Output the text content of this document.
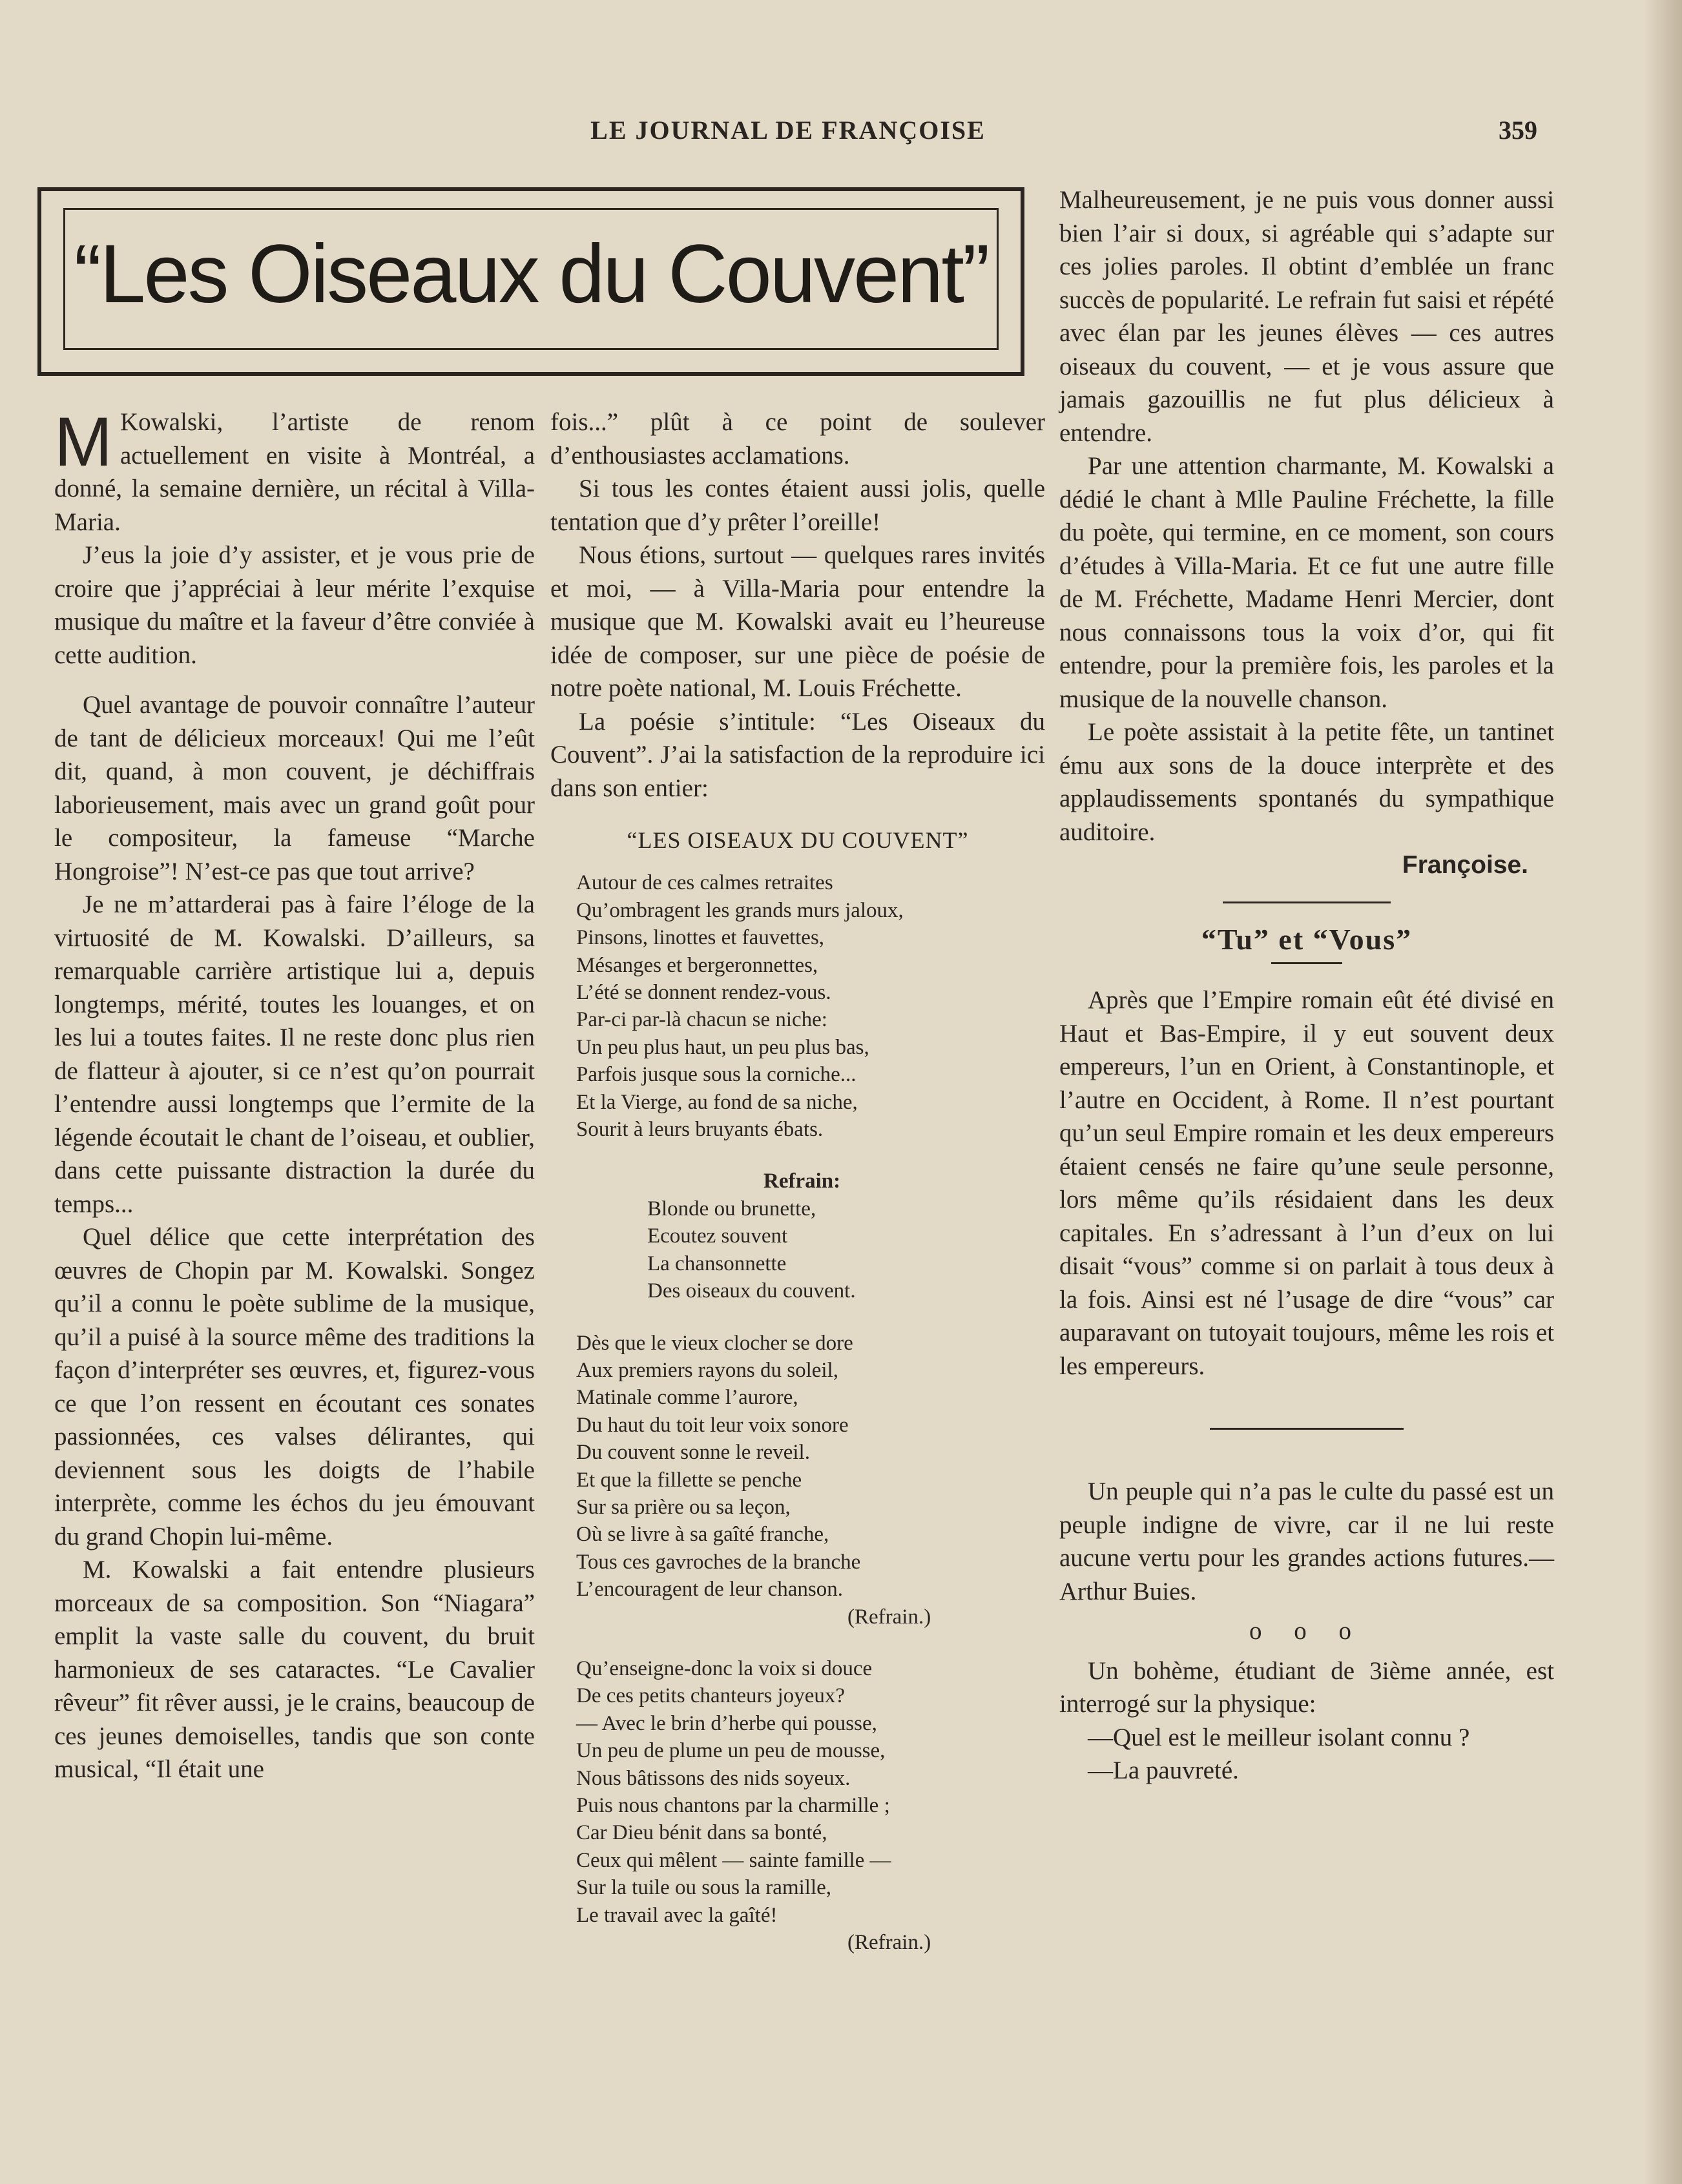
LE JOURNAL DE FRANÇOISE	359
“Les Oiseaux du Couvent”

M Kowalski, l’artiste de renom actuellement en visite à Montréal, a donné, la semaine dernière, un récital à Villa-Maria.

J’eus la joie d’y assister, et je vous prie de croire que j’appréciai à leur mérite l’exquise musique du maître et la faveur d’être conviée à cette audition.

Quel avantage de pouvoir connaître l’auteur de tant de délicieux morceaux! Qui me l’eût dit, quand, à mon couvent, je déchiffrais laborieusement, mais avec un grand goût pour le compositeur, la fameuse “Marche Hongroise”! N’est-ce pas que tout arrive?

Je ne m’attarderai pas à faire l’éloge de la virtuosité de M. Kowalski. D’ailleurs, sa remarquable carrière artistique lui a, depuis longtemps, mérité, toutes les louanges, et on les lui a toutes faites. Il ne reste donc plus rien de flatteur à ajouter, si ce n’est qu’on pourrait l’entendre aussi longtemps que l’ermite de la légende écoutait le chant de l’oiseau, et oublier, dans cette puissante distraction la durée du temps...

Quel délice que cette interprétation des œuvres de Chopin par M. Kowalski. Songez qu’il a connu le poète sublime de la musique, qu’il a puisé à la source même des traditions la façon d’interpréter ses œuvres, et, figurez-vous ce que l’on ressent en écoutant ces sonates passionnées, ces valses délirantes, qui deviennent sous les doigts de l’habile interprète, comme les échos du jeu émouvant du grand Chopin lui-même.

M. Kowalski a fait entendre plusieurs morceaux de sa composition. Son “Niagara” emplit la vaste salle du couvent, du bruit harmonieux de ses cataractes. “Le Cavalier rêveur” fit rêver aussi, je le crains, beaucoup de ces jeunes demoiselles, tandis que son conte musical, “Il était une

fois...” plût à ce point de soulever d’enthousiastes acclamations.

Si tous les contes étaient aussi jolis, quelle tentation que d’y prêter l’oreille!

Nous étions, surtout — quelques rares invités et moi, — à Villa-Maria pour entendre la musique que M. Kowalski avait eu l’heureuse idée de composer, sur une pièce de poésie de notre poète national, M. Louis Fréchette.

La poésie s’intitule: “Les Oiseaux du Couvent”. J’ai la satisfaction de la reproduire ici dans son entier:

“LES OISEAUX DU COUVENT”
Autour de ces calmes retraites
Qu’ombragent les grands murs jaloux,
Pinsons, linottes et fauvettes,
Mésanges et bergeronnettes,
L’été se donnent rendez-vous.
Par-ci par-là chacun se niche:
Un peu plus haut, un peu plus bas,
Parfois jusque sous la corniche...
Et la Vierge, au fond de sa niche,
Sourit à leurs bruyants ébats.
Refrain:
Blonde ou brunette,
Ecoutez souvent
La chansonnette
Des oiseaux du couvent.
Dès que le vieux clocher se dore
Aux premiers rayons du soleil,
Matinale comme l’aurore,
Du haut du toit leur voix sonore
Du couvent sonne le reveil.
Et que la fillette se penche
Sur sa prière ou sa leçon,
Où se livre à sa gaîté franche,
Tous ces gavroches de la branche
L’encouragent de leur chanson.
(Refrain.)
Qu’enseigne-donc la voix si douce
De ces petits chanteurs joyeux?
— Avec le brin d’herbe qui pousse,
Un peu de plume un peu de mousse,
Nous bâtissons des nids soyeux.
Puis nous chantons par la charmille ;
Car Dieu bénit dans sa bonté,
Ceux qui mêlent — sainte famille —
Sur la tuile ou sous la ramille,
Le travail avec la gaîté!
(Refrain.)

Malheureusement, je ne puis vous donner aussi bien l’air si doux, si agréable qui s’adapte sur ces jolies paroles. Il obtint d’emblée un franc succès de popularité. Le refrain fut saisi et répété avec élan par les jeunes élèves — ces autres oiseaux du couvent, — et je vous assure que jamais gazouillis ne fut plus délicieux à entendre.

Par une attention charmante, M. Kowalski a dédié le chant à Mlle Pauline Fréchette, la fille du poète, qui termine, en ce moment, son cours d’études à Villa-Maria. Et ce fut une autre fille de M. Fréchette, Madame Henri Mercier, dont nous connaissons tous la voix d’or, qui fit entendre, pour la première fois, les paroles et la musique de la nouvelle chanson.

Le poète assistait à la petite fête, un tantinet ému aux sons de la douce interprète et des applaudissements spontanés du sympathique auditoire.

Françoise.

“Tu” et “Vous”

Après que l’Empire romain eût été divisé en Haut et Bas-Empire, il y eut souvent deux empereurs, l’un en Orient, à Constantinople, et l’autre en Occident, à Rome. Il n’est pourtant qu’un seul Empire romain et les deux empereurs étaient censés ne faire qu’une seule personne, lors même qu’ils résidaient dans les deux capitales. En s’adressant à l’un d’eux on lui disait “vous” comme si on parlait à tous deux à la fois. Ainsi est né l’usage de dire “vous” car auparavant on tutoyait toujours, même les rois et les empereurs.

Un peuple qui n’a pas le culte du passé est un peuple indigne de vivre, car il ne lui reste aucune vertu pour les grandes actions futures.—Arthur Buies.

o o o

Un bohème, étudiant de 3ième année, est interrogé sur la physique:

—Quel est le meilleur isolant connu ?

—La pauvreté.
